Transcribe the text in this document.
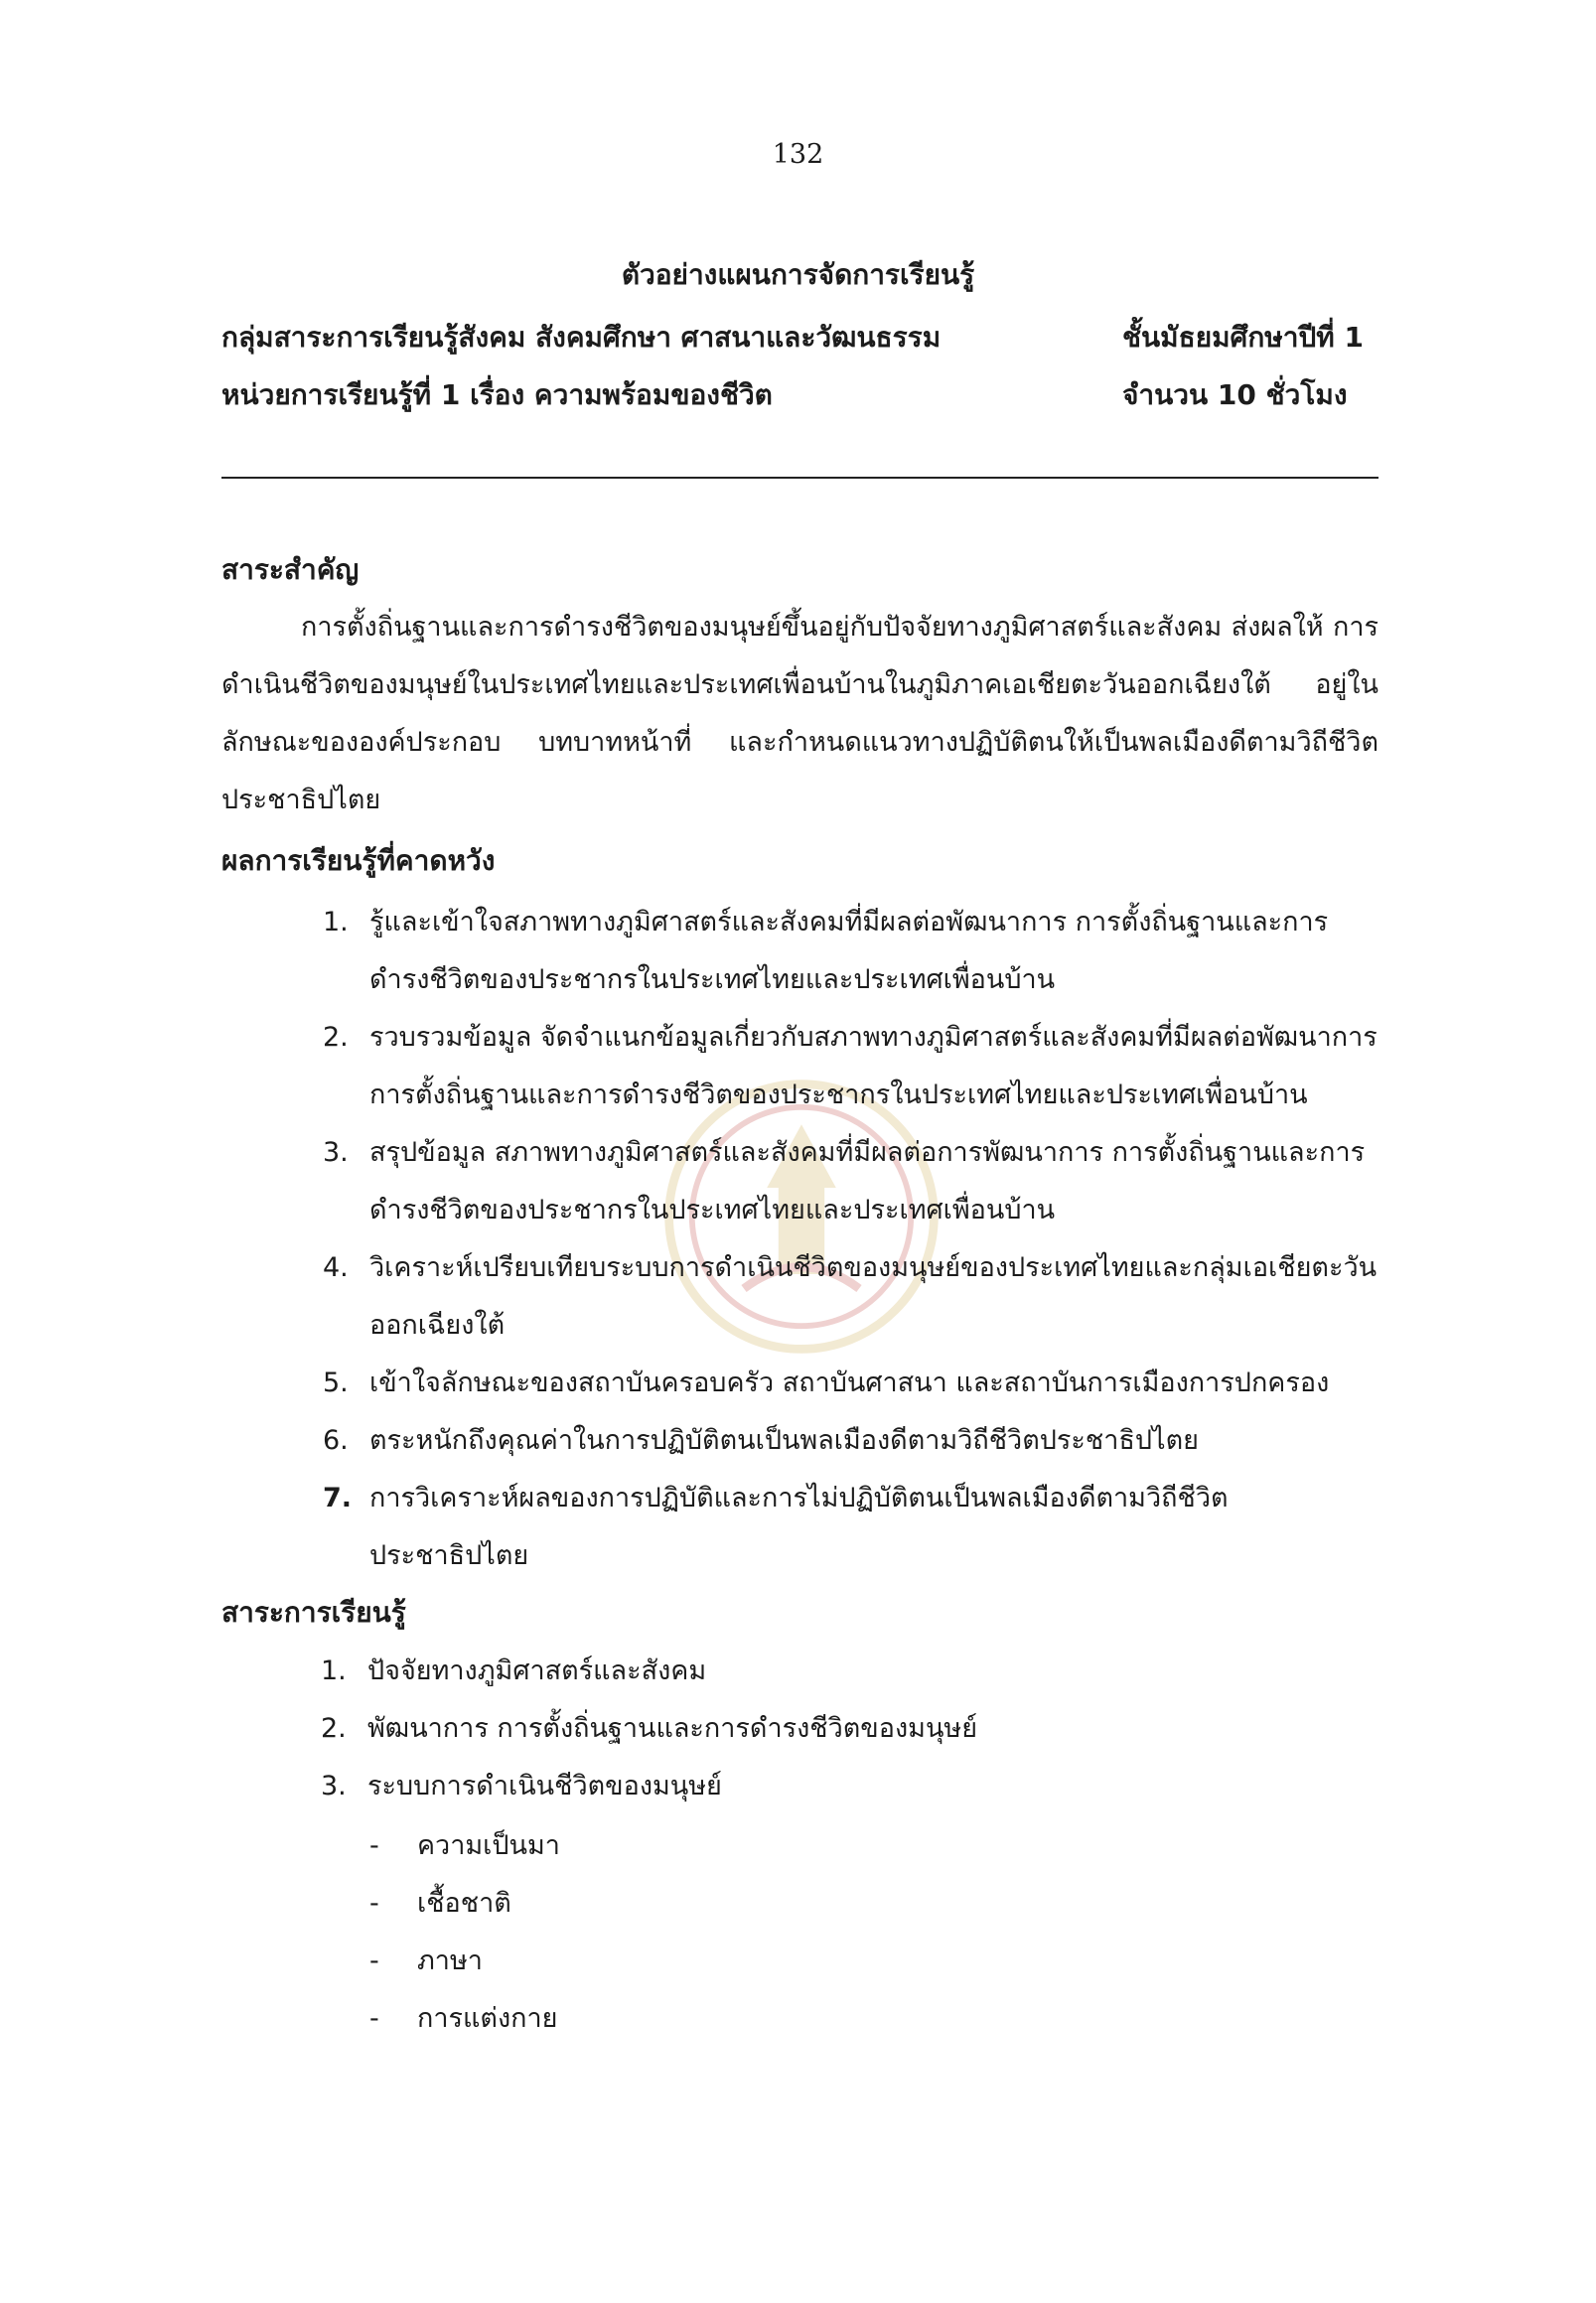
132
ตัวอย่างแผนการจัดการเรียนรู้
กลุ่มสาระการเรียนรู้สังคม สังคมศึกษา ศาสนาและวัฒนธรรม	ชั้นมัธยมศึกษาปีที่ 1
หน่วยการเรียนรู้ที่ 1 เรื่อง ความพร้อมของชีวิต	จำนวน 10 ชั่วโมง
สาระสำคัญ
การตั้งถิ่นฐานและการดำรงชีวิตของมนุษย์ขึ้นอยู่กับปัจจัยทางภูมิศาสตร์และสังคม ส่งผลให้ การดำเนินชีวิตของมนุษย์ในประเทศไทยและประเทศเพื่อนบ้านในภูมิภาคเอเชียตะวันออกเฉียงใต้ อยู่ในลักษณะขององค์ประกอบ บทบาทหน้าที่ และกำหนดแนวทางปฏิบัติตนให้เป็นพลเมืองดีตามวิถีชีวิตประชาธิปไตย
ผลการเรียนรู้ที่คาดหวัง
1. รู้และเข้าใจสภาพทางภูมิศาสตร์และสังคมที่มีผลต่อพัฒนาการ การตั้งถิ่นฐานและการดำรงชีวิตของประชากรในประเทศไทยและประเทศเพื่อนบ้าน
2. รวบรวมข้อมูล จัดจำแนกข้อมูลเกี่ยวกับสภาพทางภูมิศาสตร์และสังคมที่มีผลต่อพัฒนาการการตั้งถิ่นฐานและการดำรงชีวิตของประชากรในประเทศไทยและประเทศเพื่อนบ้าน
3. สรุปข้อมูล สภาพทางภูมิศาสตร์และสังคมที่มีผลต่อการพัฒนาการ การตั้งถิ่นฐานและการดำรงชีวิตของประชากรในประเทศไทยและประเทศเพื่อนบ้าน
4. วิเคราะห์เปรียบเทียบระบบการดำเนินชีวิตของมนุษย์ของประเทศไทยและกลุ่มเอเชียตะวันออกเฉียงใต้
5. เข้าใจลักษณะของสถาบันครอบครัว สถาบันศาสนา และสถาบันการเมืองการปกครอง
6. ตระหนักถึงคุณค่าในการปฏิบัติตนเป็นพลเมืองดีตามวิถีชีวิตประชาธิปไตย
7. การวิเคราะห์ผลของการปฏิบัติและการไม่ปฏิบัติตนเป็นพลเมืองดีตามวิถีชีวิตประชาธิปไตย
สาระการเรียนรู้
1. ปัจจัยทางภูมิศาสตร์และสังคม
2. พัฒนาการ การตั้งถิ่นฐานและการดำรงชีวิตของมนุษย์
3. ระบบการดำเนินชีวิตของมนุษย์
- ความเป็นมา
- เชื้อชาติ
- ภาษา
- การแต่งกาย
